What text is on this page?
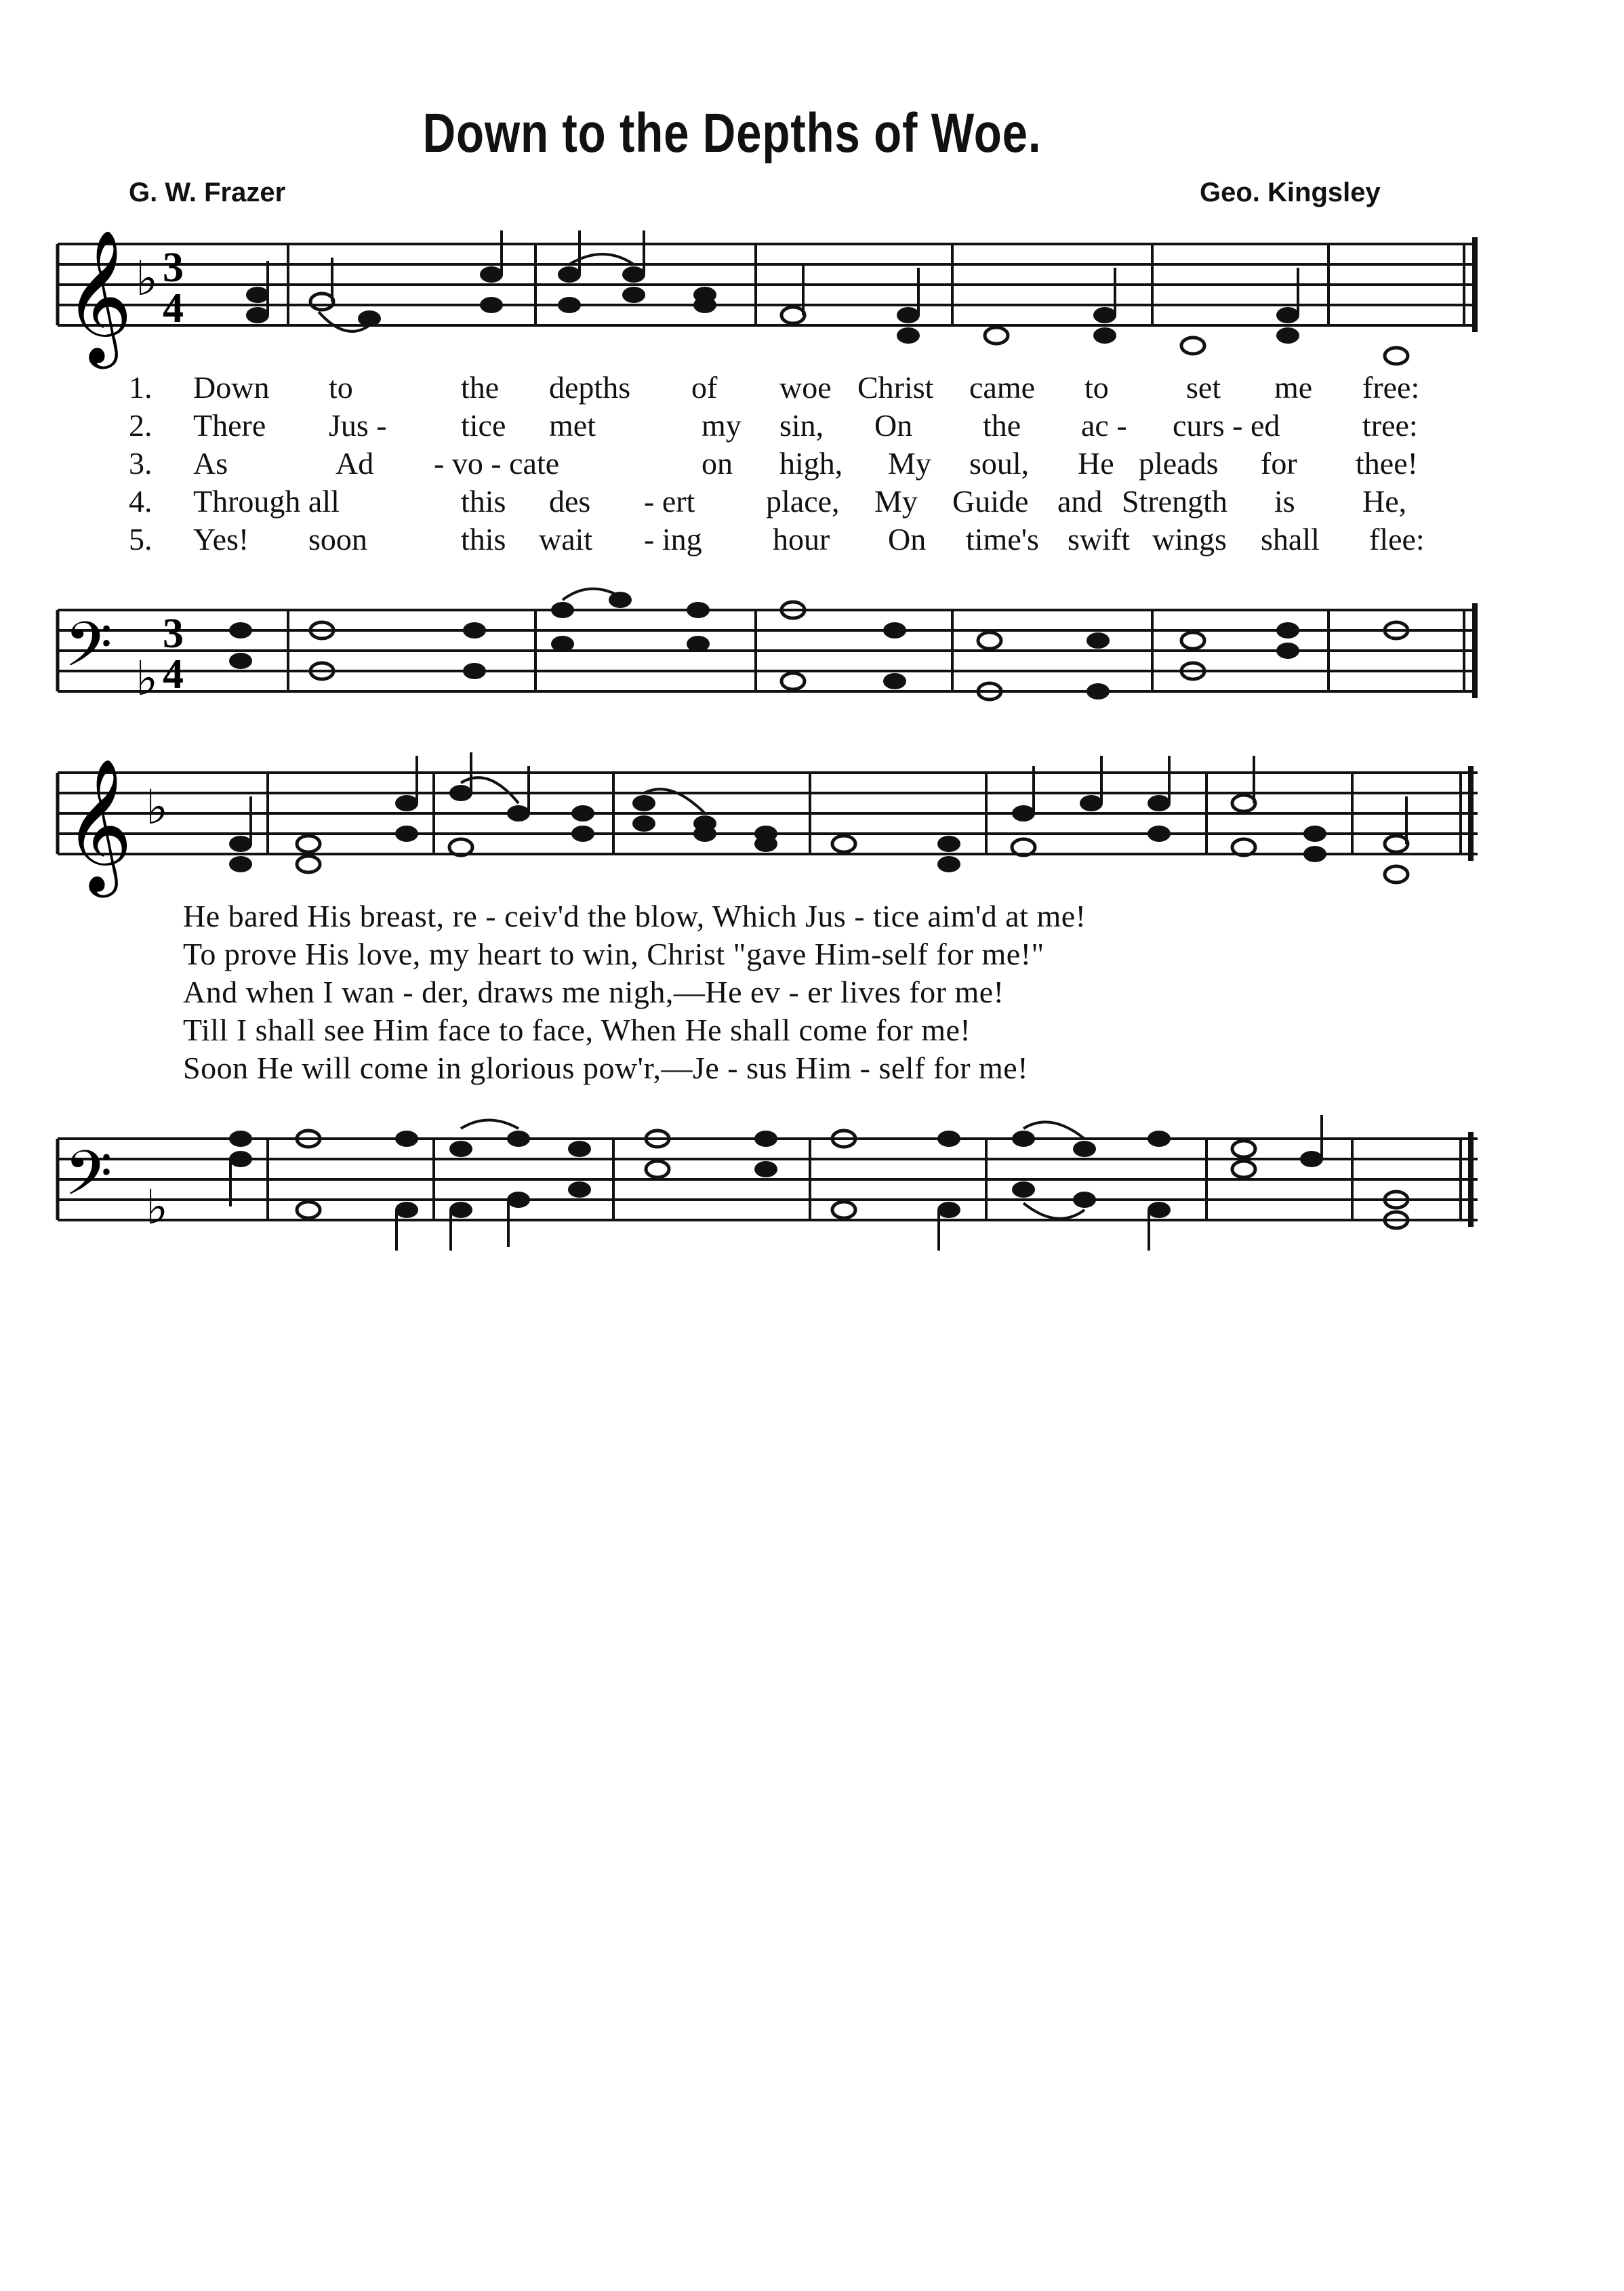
Down to the Depths of Woe.
G. W. Frazer	Geo. Kingsley
𝄞 ♭ 3
4
1. Down to	the depths of woe Christ came to set me free:
2. There Jus - tice met	my sin, On the ac - curs - ed	tree:
3. As	Ad - vo - cate	on high, My soul, He pleads for thee!
4. Through all	this des - ert place, My Guide and Strength is He,
5. Yes! soon	this wait - ing hour On time's swift wings shall flee:
𝄢 ♭
3
4
𝄞 ♭
He bared His breast, re - ceiv'd the blow, Which Jus - tice aim'd at me!
To prove His love, my heart to win, Christ "gave Him-self for me!"
And when I wan - der, draws me nigh,—He ev - er lives for me!
Till I shall see Him face to face, When He shall come for me!
Soon He will come in glorious pow'r,—Je - sus Him - self for me!
𝄢 ♭
